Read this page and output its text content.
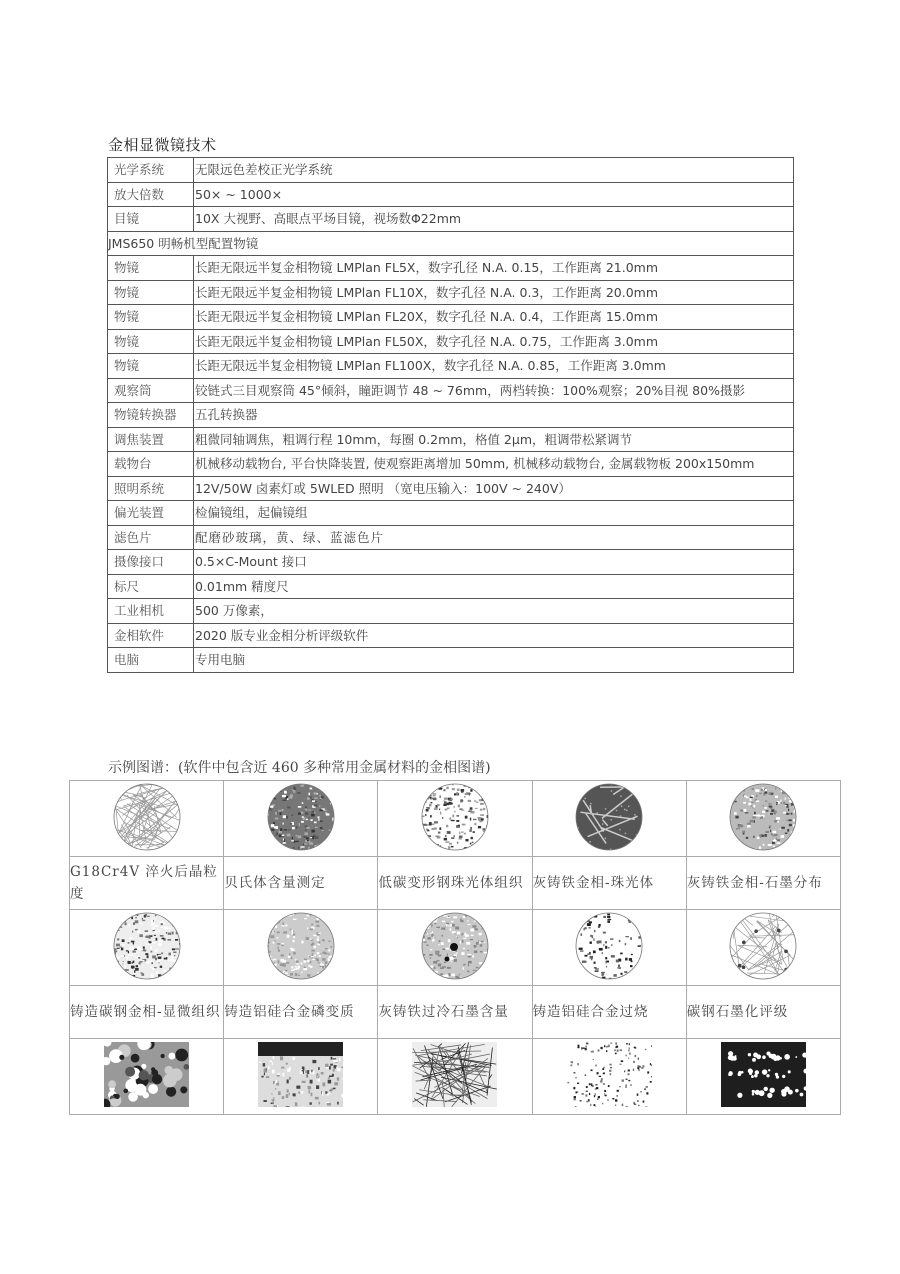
金相显微镜技术
光学系统	无限远色差校正光学系统
放大倍数	50× ~ 1000×
目镜	10X 大视野、高眼点平场目镜，视场数Φ22mm
JMS650 明畅机型配置物镜	
物镜	长距无限远半复金相物镜 LMPlan FL5X，数字孔径 N.A. 0.15，工作距离 21.0mm
物镜	长距无限远半复金相物镜 LMPlan FL10X，数字孔径 N.A. 0.3，工作距离 20.0mm
物镜	长距无限远半复金相物镜 LMPlan FL20X，数字孔径 N.A. 0.4，工作距离 15.0mm
物镜	长距无限远半复金相物镜 LMPlan FL50X，数字孔径 N.A. 0.75，工作距离 3.0mm
物镜	长距无限远半复金相物镜 LMPlan FL100X，数字孔径 N.A. 0.85，工作距离 3.0mm
观察筒	铰链式三目观察筒 45°倾斜，瞳距调节 48 ~ 76mm，两档转换：100%观察；20%目视 80%摄影
物镜转换器	五孔转换器
调焦装置	粗微同轴调焦，粗调行程 10mm，每圈 0.2mm，格值 2μm，粗调带松紧调节
载物台	机械移动载物台, 平台快降装置, 使观察距离增加 50mm, 机械移动载物台, 金属载物板 200x150mm
照明系统	12V/50W 卤素灯或 5WLED 照明 （宽电压输入：100V ~ 240V）
偏光装置	检偏镜组，起偏镜组
滤色片	配磨砂玻璃，黄、绿、蓝滤色片
摄像接口	0.5×C-Mount 接口
标尺	0.01mm 精度尺
工业相机	500 万像素，
金相软件	2020 版专业金相分析评级软件
电脑	专用电脑
示例图谱：(软件中包含近 460 多种常用金属材料的金相图谱)

G18Cr4V 淬火后晶粒度	贝氏体含量测定	低碳变形钢珠光体组织	灰铸铁金相-珠光体	灰铸铁金相-石墨分布

铸造碳钢金相-显微组织	铸造铝硅合金磷变质	灰铸铁过冷石墨含量	铸造铝硅合金过烧	碳钢石墨化评级
